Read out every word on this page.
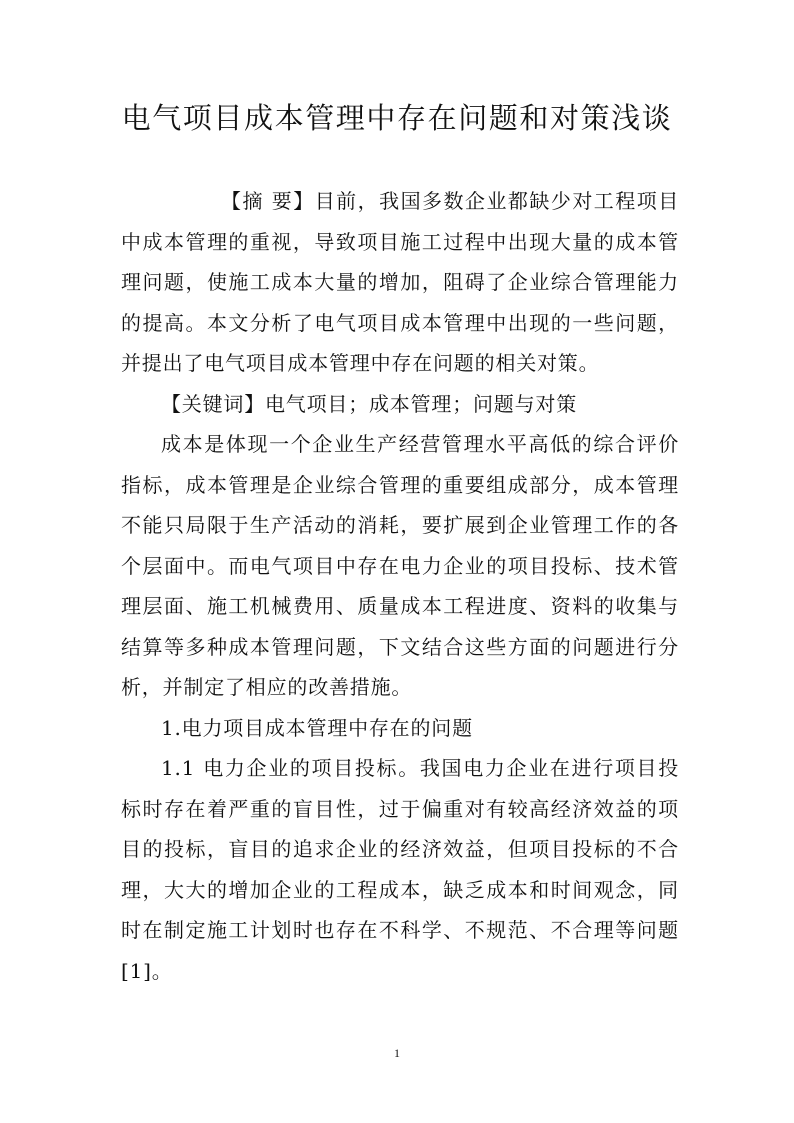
电气项目成本管理中存在问题和对策浅谈

【摘 要】目前，我国多数企业都缺少对工程项目中成本管理的重视，导致项目施工过程中出现大量的成本管理问题，使施工成本大量的增加，阻碍了企业综合管理能力的提高。本文分析了电气项目成本管理中出现的一些问题，并提出了电气项目成本管理中存在问题的相关对策。

【关键词】电气项目；成本管理；问题与对策

成本是体现一个企业生产经营管理水平高低的综合评价指标，成本管理是企业综合管理的重要组成部分，成本管理不能只局限于生产活动的消耗，要扩展到企业管理工作的各个层面中。而电气项目中存在电力企业的项目投标、技术管理层面、施工机械费用、质量成本工程进度、资料的收集与结算等多种成本管理问题，下文结合这些方面的问题进行分析，并制定了相应的改善措施。

1.电力项目成本管理中存在的问题

1.1 电力企业的项目投标。我国电力企业在进行项目投标时存在着严重的盲目性，过于偏重对有较高经济效益的项目的投标，盲目的追求企业的经济效益，但项目投标的不合理，大大的增加企业的工程成本，缺乏成本和时间观念，同时在制定施工计划时也存在不科学、不规范、不合理等问题[1]。

1
